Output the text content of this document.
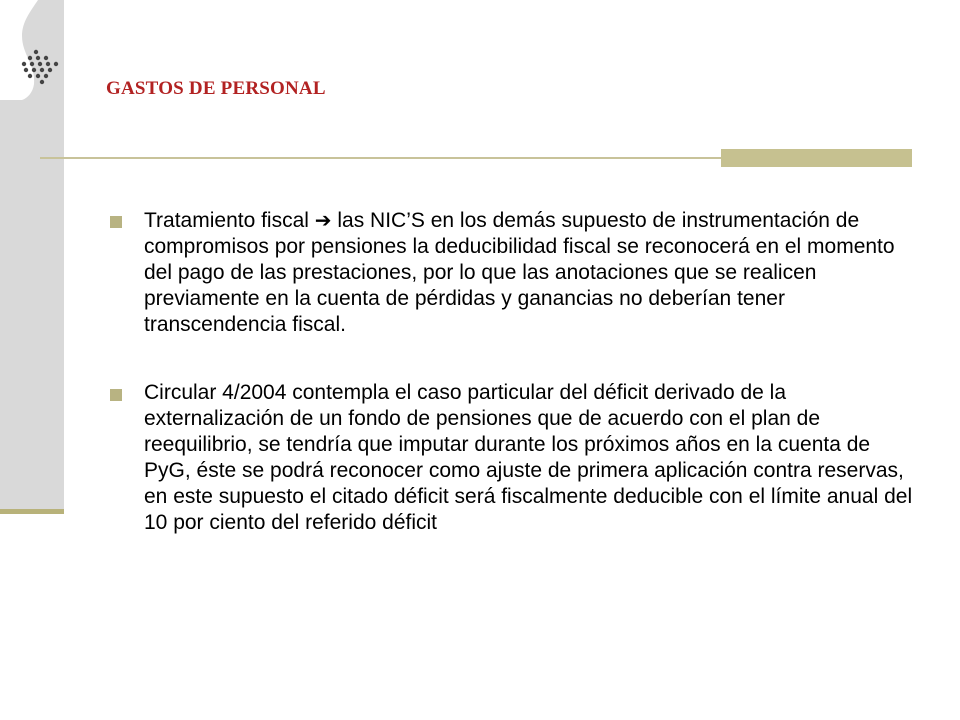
GASTOS DE PERSONAL
Tratamiento fiscal ➔ las NIC’S en los demás supuesto de instrumentación de compromisos por pensiones la deducibilidad fiscal se reconocerá en el momento del pago de las prestaciones, por lo que las anotaciones que se realicen previamente en la cuenta de pérdidas y ganancias no deberían tener transcendencia fiscal.
Circular 4/2004 contempla el caso particular del déficit derivado de la externalización de un fondo de pensiones que de acuerdo con el plan de reequilibrio, se tendría que imputar durante los próximos años en la cuenta de PyG, éste se podrá reconocer como ajuste de primera aplicación contra reservas, en este supuesto el citado déficit será fiscalmente deducible con el límite anual del 10 por ciento del referido déficit
